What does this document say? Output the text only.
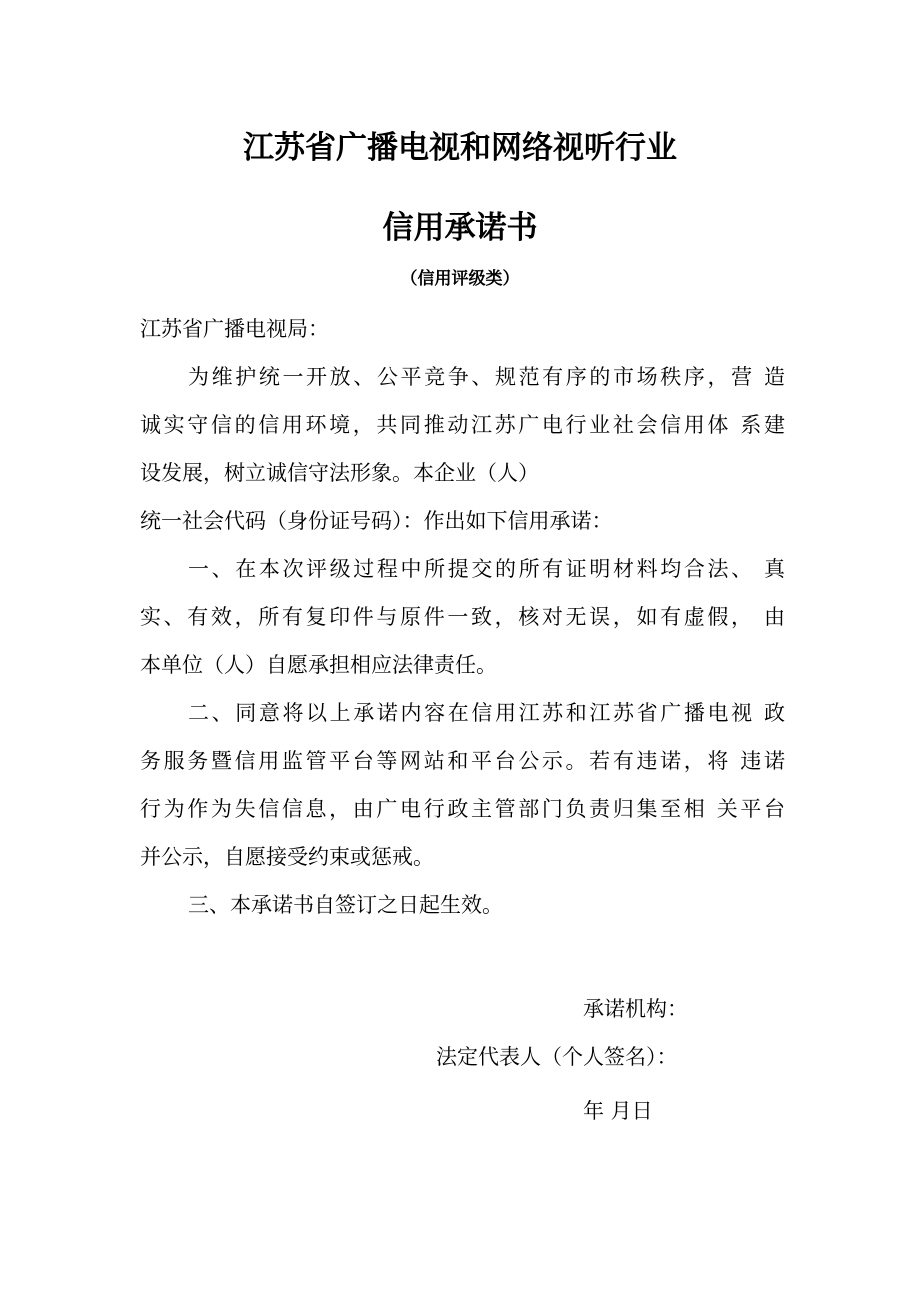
江苏省广播电视和网络视听行业
信用承诺书
（信用评级类）
江苏省广播电视局：
为维护统一开放、公平竞争、规范有序的市场秩序，营 造
诚实守信的信用环境，共同推动江苏广电行业社会信用体 系建
设发展，树立诚信守法形象。本企业（人）
统一社会代码（身份证号码）：作出如下信用承诺：
一、在本次评级过程中所提交的所有证明材料均合法、 真
实、有效，所有复印件与原件一致，核对无误，如有虚假， 由
本单位（人）自愿承担相应法律责任。
二、同意将以上承诺内容在信用江苏和江苏省广播电视 政
务服务暨信用监管平台等网站和平台公示。若有违诺，将 违诺
行为作为失信信息，由广电行政主管部门负责归集至相 关平台
并公示，自愿接受约束或惩戒。
三、本承诺书自签订之日起生效。
承诺机构：
法定代表人（个人签名）：
年 月日
